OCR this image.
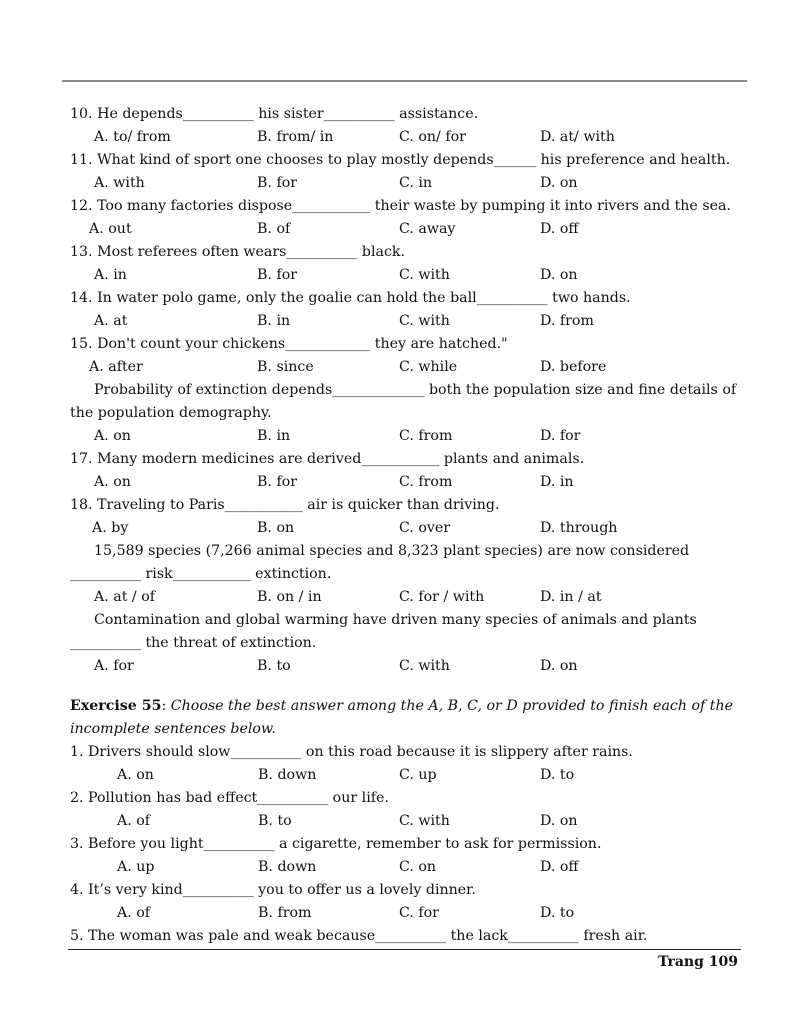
10. He depends__________ his sister__________ assistance.
A. to/ from	B. from/ in	C. on/ for	D. at/ with
11. What kind of sport one chooses to play mostly depends______ his preference and health.
A. with	B. for	C. in	D. on
12. Too many factories dispose___________ their waste by pumping it into rivers and the sea.
A. out	B. of	C. away	D. off
13. Most referees often wears__________ black.
A. in	B. for	C. with	D. on
14. In water polo game, only the goalie can hold the ball__________ two hands.
A. at	B. in	C. with	D. from
15. Don't count your chickens____________ they are hatched."
A. after	B. since	C. while	D. before
Probability of extinction depends_____________ both the population size and fine details of
the population demography.
A. on	B. in	C. from	D. for
17. Many modern medicines are derived___________ plants and animals.
A. on	B. for	C. from	D. in
18. Traveling to Paris___________ air is quicker than driving.
A. by	B. on	C. over	D. through
15,589 species (7,266 animal species and 8,323 plant species) are now considered
__________ risk___________ extinction.
A. at / of	B. on / in	C. for / with	D. in / at
Contamination and global warming have driven many species of animals and plants
__________ the threat of extinction.
A. for	B. to	C. with	D. on
Exercise 55: Choose the best answer among the A, B, C, or D provided to finish each of the incomplete sentences below.
1. Drivers should slow__________ on this road because it is slippery after rains.
A. on	B. down	C. up	D. to
2. Pollution has bad effect__________ our life.
A. of	B. to	C. with	D. on
3. Before you light__________ a cigarette, remember to ask for permission.
A. up	B. down	C. on	D. off
4. It’s very kind__________ you to offer us a lovely dinner.
A. of	B. from	C. for	D. to
5. The woman was pale and weak because__________ the lack__________ fresh air.
Trang 109
